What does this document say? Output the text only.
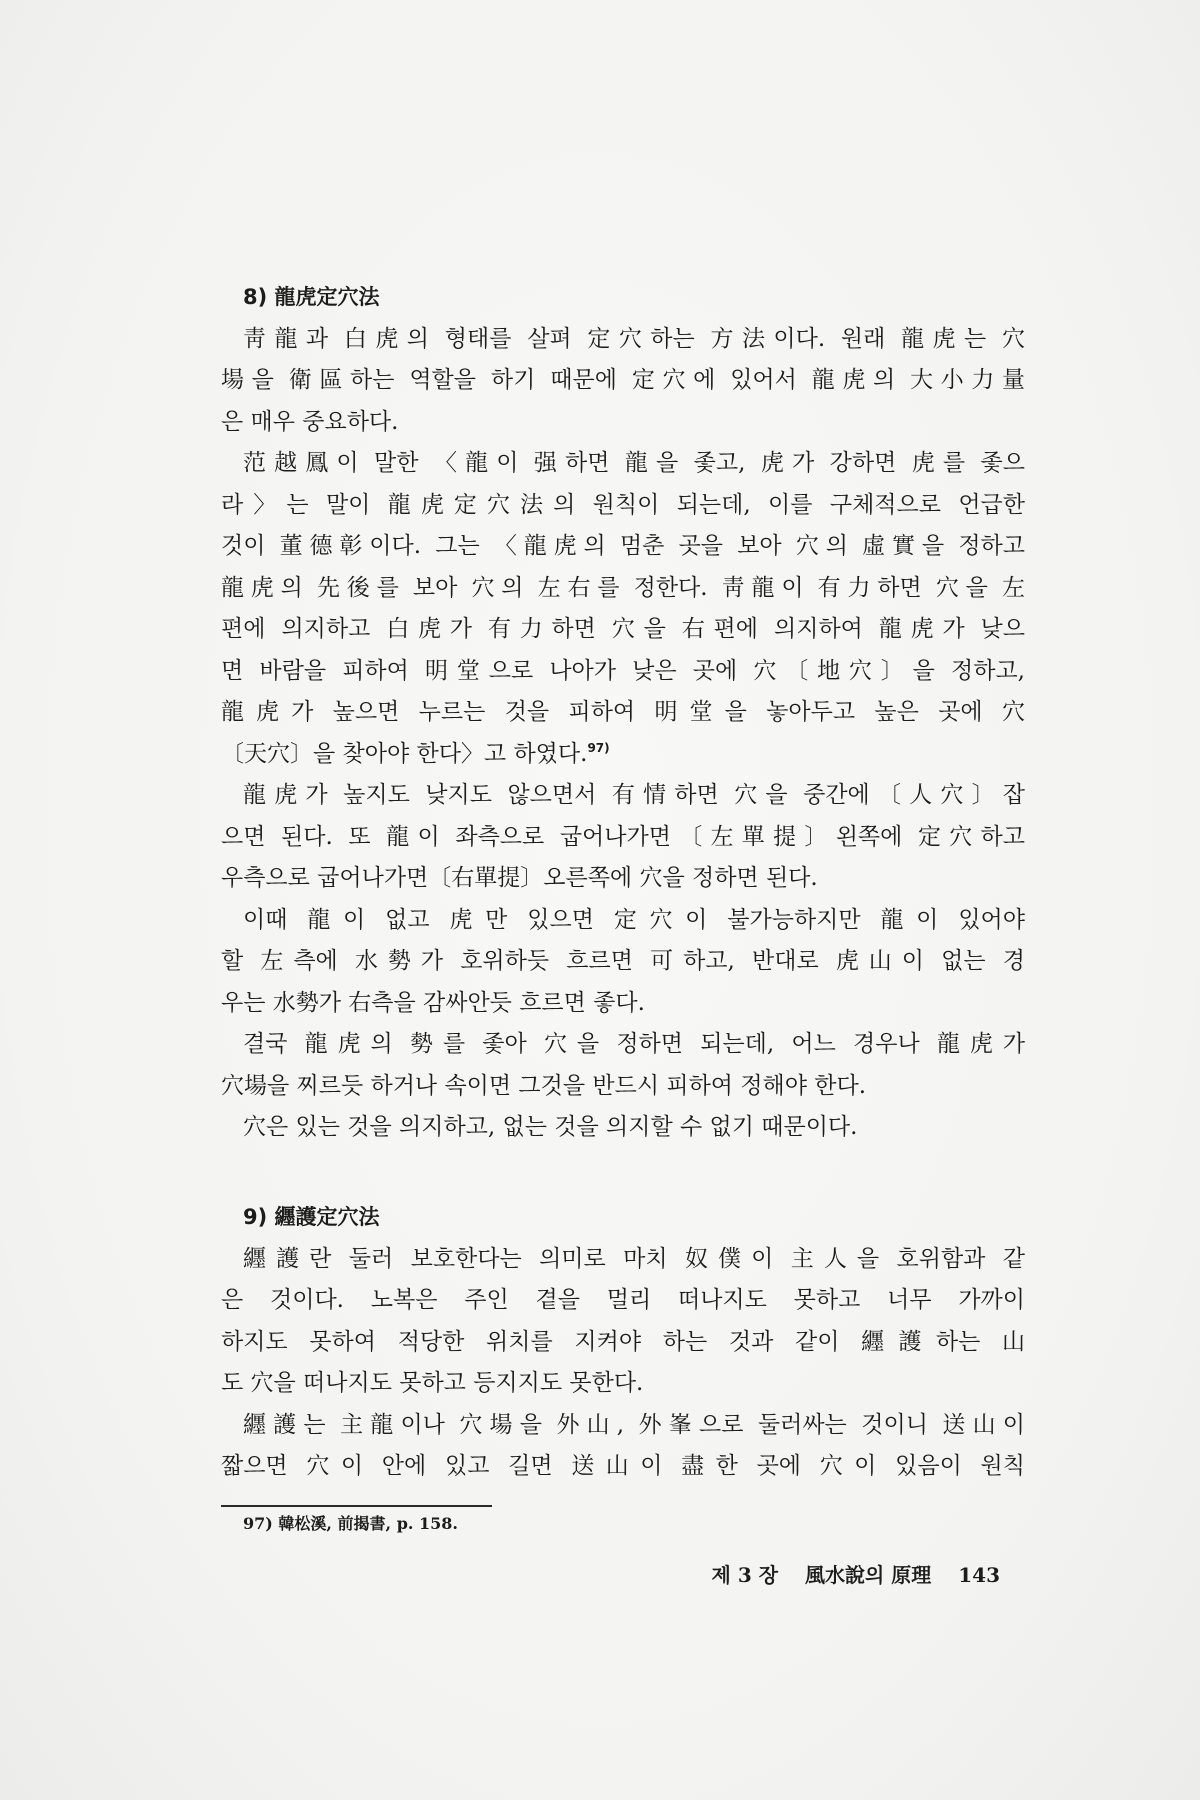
8) 龍虎定穴法
靑龍과 白虎의 형태를 살펴 定穴하는 方法이다. 원래 龍虎는 穴
場을 衛區하는 역할을 하기 때문에 定穴에 있어서 龍虎의 大小力量
은 매우 중요하다.
范越鳳이 말한 〈龍이 强하면 龍을 좇고, 虎가 강하면 虎를 좇으
라〉는 말이 龍虎定穴法의 원칙이 되는데, 이를 구체적으로 언급한
것이 董德彰이다. 그는 〈龍虎의 멈춘 곳을 보아 穴의 虛實을 정하고
龍虎의 先後를 보아 穴의 左右를 정한다. 靑龍이 有力하면 穴을 左
편에 의지하고 白虎가 有力하면 穴을 右편에 의지하여 龍虎가 낮으
면 바람을 피하여 明堂으로 나아가 낮은 곳에 穴〔地穴〕을 정하고,
龍虎가 높으면 누르는 것을 피하여 明堂을 놓아두고 높은 곳에 穴
〔天穴〕을 찾아야 한다〉고 하였다.$^{97)}$
龍虎가 높지도 낮지도 않으면서 有情하면 穴을 중간에〔人穴〕잡
으면 된다. 또 龍이 좌측으로 굽어나가면〔左單提〕왼쪽에 定穴하고
우측으로 굽어나가면〔右單提〕오른쪽에 穴을 정하면 된다.
이때 龍이 없고 虎만 있으면 定穴이 불가능하지만 龍이 있어야
할 左측에 水勢가 호위하듯 흐르면 可하고, 반대로 虎山이 없는 경
우는 水勢가 右측을 감싸안듯 흐르면 좋다.
결국 龍虎의 勢를 좇아 穴을 정하면 되는데, 어느 경우나 龍虎가
穴場을 찌르듯 하거나 속이면 그것을 반드시 피하여 정해야 한다.
穴은 있는 것을 의지하고, 없는 것을 의지할 수 없기 때문이다.
9) 纒護定穴法
纒護란 둘러 보호한다는 의미로 마치 奴僕이 主人을 호위함과 같
은 것이다. 노복은 주인 곁을 멀리 떠나지도 못하고 너무 가까이
하지도 못하여 적당한 위치를 지켜야 하는 것과 같이 纒護하는 山
도 穴을 떠나지도 못하고 등지지도 못한다.
纒護는 主龍이나 穴場을 外山, 外峯으로 둘러싸는 것이니 送山이
짧으면 穴이 안에 있고 길면 送山이 盡한 곳에 穴이 있음이 원칙
97) 韓松溪, 前揭書, p. 158.
제 3 장 風水說의 原理 143
